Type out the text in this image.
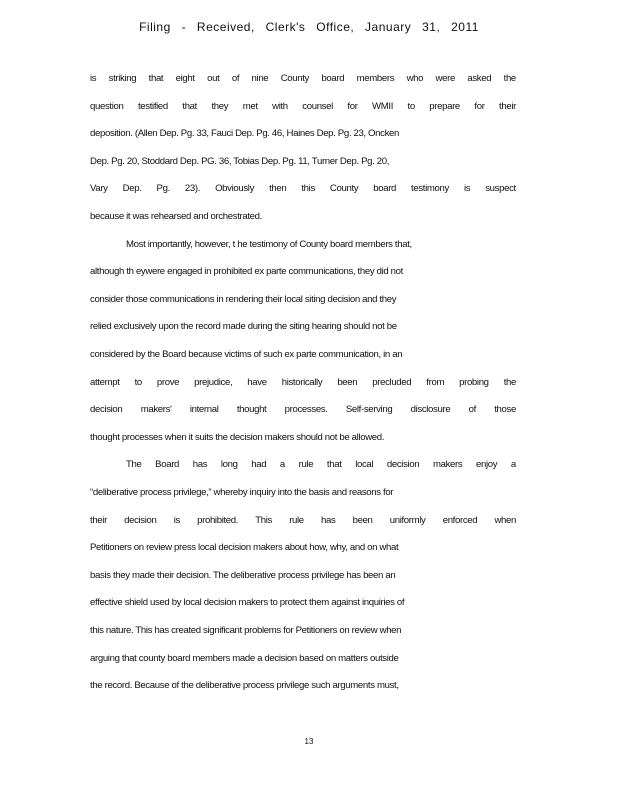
Filing - Received, Clerk's Office, January 31, 2011
is striking that eight out of nine County board members who were asked the
question testified that they met with counsel for WMII to prepare for their
deposition. (Allen Dep. Pg. 33, Fauci Dep. Pg. 46, Haines Dep. Pg. 23, Oncken
Dep. Pg. 20, Stoddard Dep. PG. 36, Tobias Dep. Pg. 11, Turner Dep. Pg. 20,
Vary Dep. Pg. 23). Obviously then this County board testimony is suspect
because it was rehearsed and orchestrated.
Most importantly, however, t he testimony of County board members that,
although th eywere engaged in prohibited ex parte communications, they did not
consider those communications in rendering their local siting decision and they
relied exclusively upon the record made during the siting hearing should not be
considered by the Board because victims of such ex parte communication, in an
attempt to prove prejudice, have historically been precluded from probing the
decision makers' internal thought processes. Self-serving disclosure of those
thought processes when it suits the decision makers should not be allowed.
The Board has long had a rule that local decision makers enjoy a
“deliberative process privilege,” whereby inquiry into the basis and reasons for
their decision is prohibited. This rule has been uniformly enforced when
Petitioners on review press local decision makers about how, why, and on what
basis they made their decision. The deliberative process privilege has been an
effective shield used by local decision makers to protect them against inquiries of
this nature. This has created significant problems for Petitioners on review when
arguing that county board members made a decision based on matters outside
the record. Because of the deliberative process privilege such arguments must,
13
